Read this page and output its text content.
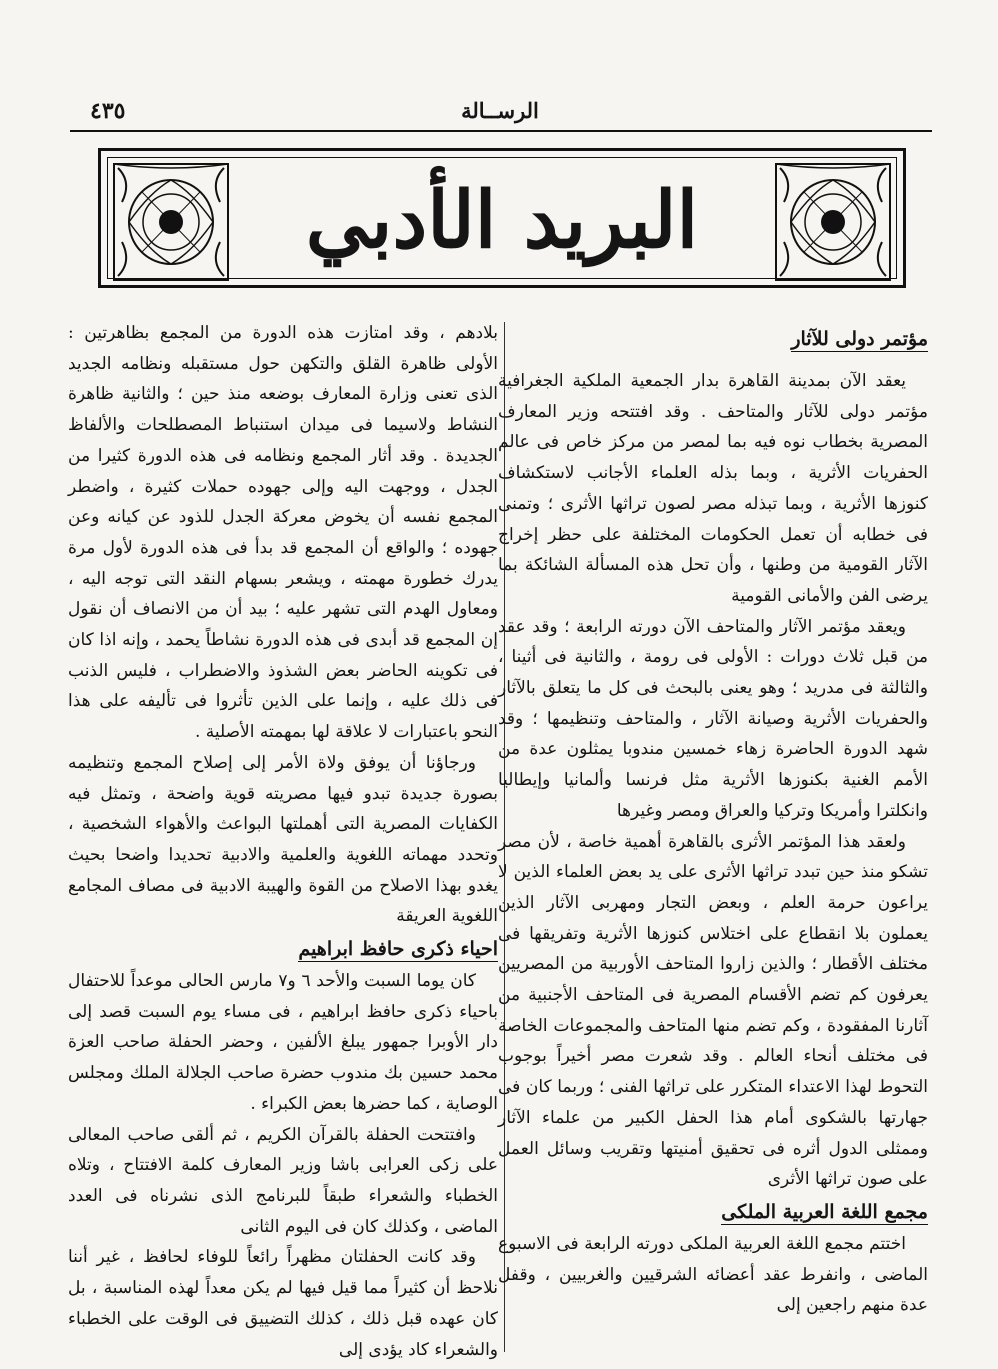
الرســالة
٤٣٥
البريد الأدبي
مؤتمر دولى للآثار

يعقد الآن بمدينة القاهرة بدار الجمعية الملكية الجغرافية مؤتمر دولى للآثار والمتاحف . وقد افتتحه وزير المعارف المصرية بخطاب نوه فيه بما لمصر من مركز خاص فى عالم الحفريات الأثرية ، وبما بذله العلماء الأجانب لاستكشاف كنوزها الأثرية ، وبما تبذله مصر لصون تراثها الأثرى ؛ وتمنى فى خطابه أن تعمل الحكومات المختلفة على حظر إخراج الآثار القومية من وطنها ، وأن تحل هذه المسألة الشائكة بما يرضى الفن والأمانى القومية

ويعقد مؤتمر الآثار والمتاحف الآن دورته الرابعة ؛ وقد عقد من قبل ثلاث دورات : الأولى فى رومة ، والثانية فى أثينا ، والثالثة فى مدريد ؛ وهو يعنى بالبحث فى كل ما يتعلق بالآثار والحفريات الأثرية وصيانة الآثار ، والمتاحف وتنظيمها ؛ وقد شهد الدورة الحاضرة زهاء خمسين مندوبا يمثلون عدة من الأمم الغنية بكنوزها الأثرية مثل فرنسا وألمانيا وإيطاليا وانكلترا وأمريكا وتركيا والعراق ومصر وغيرها

ولعقد هذا المؤتمر الأثرى بالقاهرة أهمية خاصة ، لأن مصر تشكو منذ حين تبدد تراثها الأثرى على يد بعض العلماء الذين لا يراعون حرمة العلم ، وبعض التجار ومهربى الآثار الذين يعملون بلا انقطاع على اختلاس كنوزها الأثرية وتفريقها فى مختلف الأقطار ؛ والذين زاروا المتاحف الأوربية من المصريين يعرفون كم تضم الأقسام المصرية فى المتاحف الأجنبية من آثارنا المفقودة ، وكم تضم منها المتاحف والمجموعات الخاصة فى مختلف أنحاء العالم . وقد شعرت مصر أخيراً بوجوب التحوط لهذا الاعتداء المتكرر على تراثها الفنى ؛ وربما كان فى جهارتها بالشكوى أمام هذا الحفل الكبير من علماء الآثار وممثلى الدول أثره فى تحقيق أمنيتها وتقريب وسائل العمل على صون تراثها الأثرى

مجمع اللغة العربية الملكى

اختتم مجمع اللغة العربية الملكى دورته الرابعة فى الاسبوع الماضى ، وانفرط عقد أعضائه الشرقيين والغربيين ، وقفل عدة منهم راجعين إلى

بلادهم ، وقد امتازت هذه الدورة من المجمع بظاهرتين : الأولى ظاهرة القلق والتكهن حول مستقبله ونظامه الجديد الذى تعنى وزارة المعارف بوضعه منذ حين ؛ والثانية ظاهرة النشاط ولاسيما فى ميدان استنباط المصطلحات والألفاظ الجديدة . وقد أثار المجمع ونظامه فى هذه الدورة كثيرا من الجدل ، ووجهت اليه وإلى جهوده حملات كثيرة ، واضطر المجمع نفسه أن يخوض معركة الجدل للذود عن كيانه وعن جهوده ؛ والواقع أن المجمع قد بدأ فى هذه الدورة لأول مرة يدرك خطورة مهمته ، ويشعر بسهام النقد التى توجه اليه ، ومعاول الهدم التى تشهر عليه ؛ بيد أن من الانصاف أن نقول إن المجمع قد أبدى فى هذه الدورة نشاطاً يحمد ، وإنه اذا كان فى تكوينه الحاضر بعض الشذوذ والاضطراب ، فليس الذنب فى ذلك عليه ، وإنما على الذين تأثروا فى تأليفه على هذا النحو باعتبارات لا علاقة لها بمهمته الأصلية .

ورجاؤنا أن يوفق ولاة الأمر إلى إصلاح المجمع وتنظيمه بصورة جديدة تبدو فيها مصريته قوية واضحة ، وتمثل فيه الكفايات المصرية التى أهملتها البواعث والأهواء الشخصية ، وتحدد مهماته اللغوية والعلمية والادبية تحديدا واضحا بحيث يغدو بهذا الاصلاح من القوة والهيبة الادبية فى مصاف المجامع اللغوية العريقة

احياء ذكرى حافظ ابراهيم

كان يوما السبت والأحد ٦ و٧ مارس الحالى موعداً للاحتفال باحياء ذكرى حافظ ابراهيم ، فى مساء يوم السبت قصد إلى دار الأوبرا جمهور يبلغ الألفين ، وحضر الحفلة صاحب العزة محمد حسين بك مندوب حضرة صاحب الجلالة الملك ومجلس الوصاية ، كما حضرها بعض الكبراء .

وافتتحت الحفلة بالقرآن الكريم ، ثم ألقى صاحب المعالى على زكى العرابى باشا وزير المعارف كلمة الافتتاح ، وتلاه الخطباء والشعراء طبقاً للبرنامج الذى نشرناه فى العدد الماضى ، وكذلك كان فى اليوم الثانى

وقد كانت الحفلتان مظهراً رائعاً للوفاء لحافظ ، غير أننا نلاحظ أن كثيراً مما قيل فيها لم يكن معداً لهذه المناسبة ، بل كان عهده قبل ذلك ، كذلك التضييق فى الوقت على الخطباء والشعراء كاد يؤدى إلى
